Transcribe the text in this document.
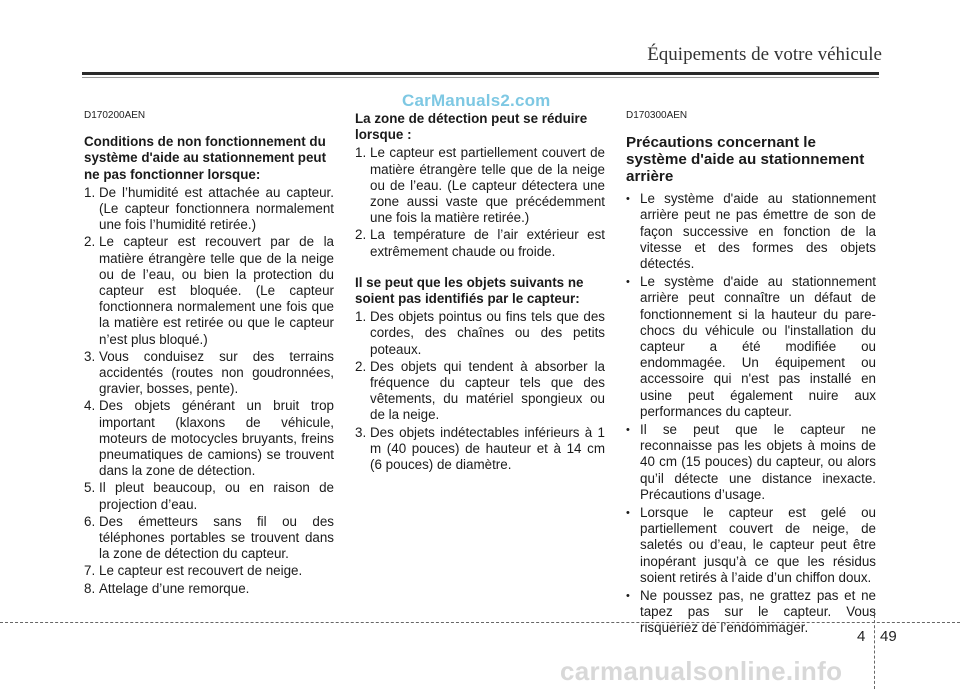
Équipements de votre véhicule
CarManuals2.com

D170200AEN

Conditions de non fonctionnement du système d'aide au stationnement peut ne pas fonctionner lorsque:

1. De l’humidité est attachée au capteur. (Le capteur fonctionnera normalement une fois l’humidité retirée.)
2. Le capteur est recouvert par de la matière étrangère telle que de la neige ou de l’eau, ou bien la protection du capteur est bloquée. (Le capteur fonctionnera normalement une fois que la matière est retirée ou que le capteur n’est plus bloqué.)
3. Vous conduisez sur des terrains accidentés (routes non goudronnées, gravier, bosses, pente).
4. Des objets générant un bruit trop important (klaxons de véhicule, moteurs de motocycles bruyants, freins pneumatiques de camions) se trouvent dans la zone de détection.
5. Il pleut beaucoup, ou en raison de projection d’eau.
6. Des émetteurs sans fil ou des téléphones portables se trouvent dans la zone de détection du capteur.
7. Le capteur est recouvert de neige.
8. Attelage d’une remorque.

La zone de détection peut se réduire lorsque :

1. Le capteur est partiellement couvert de matière étrangère telle que de la neige ou de l’eau. (Le capteur détectera une zone aussi vaste que précédemment une fois la matière retirée.)
2. La température de l’air extérieur est extrêmement chaude ou froide.

Il se peut que les objets suivants ne soient pas identifiés par le capteur:

1. Des objets pointus ou fins tels que des cordes, des chaînes ou des petits poteaux.
2. Des objets qui tendent à absorber la fréquence du capteur tels que des vêtements, du matériel spongieux ou de la neige.
3. Des objets indétectables inférieurs à 1 m (40 pouces) de hauteur et à 14 cm (6 pouces) de diamètre.

D170300AEN

Précautions concernant le système d'aide au stationnement arrière

• Le système d'aide au stationnement arrière peut ne pas émettre de son de façon successive en fonction de la vitesse et des formes des objets détectés.
• Le système d'aide au stationnement arrière peut connaître un défaut de fonctionnement si la hauteur du pare-chocs du véhicule ou l'installation du capteur a été modifiée ou endommagée. Un équipement ou accessoire qui n'est pas installé en usine peut également nuire aux performances du capteur.
• Il se peut que le capteur ne reconnaisse pas les objets à moins de 40 cm (15 pouces) du capteur, ou alors qu’il détecte une distance inexacte. Précautions d’usage.
• Lorsque le capteur est gelé ou partiellement couvert de neige, de saletés ou d’eau, le capteur peut être inopérant jusqu’à ce que les résidus soient retirés à l’aide d’un chiffon doux.
• Ne poussez pas, ne grattez pas et ne tapez pas sur le capteur. Vous risqueriez de l’endommager.
4 49
carmanualsonline.info
